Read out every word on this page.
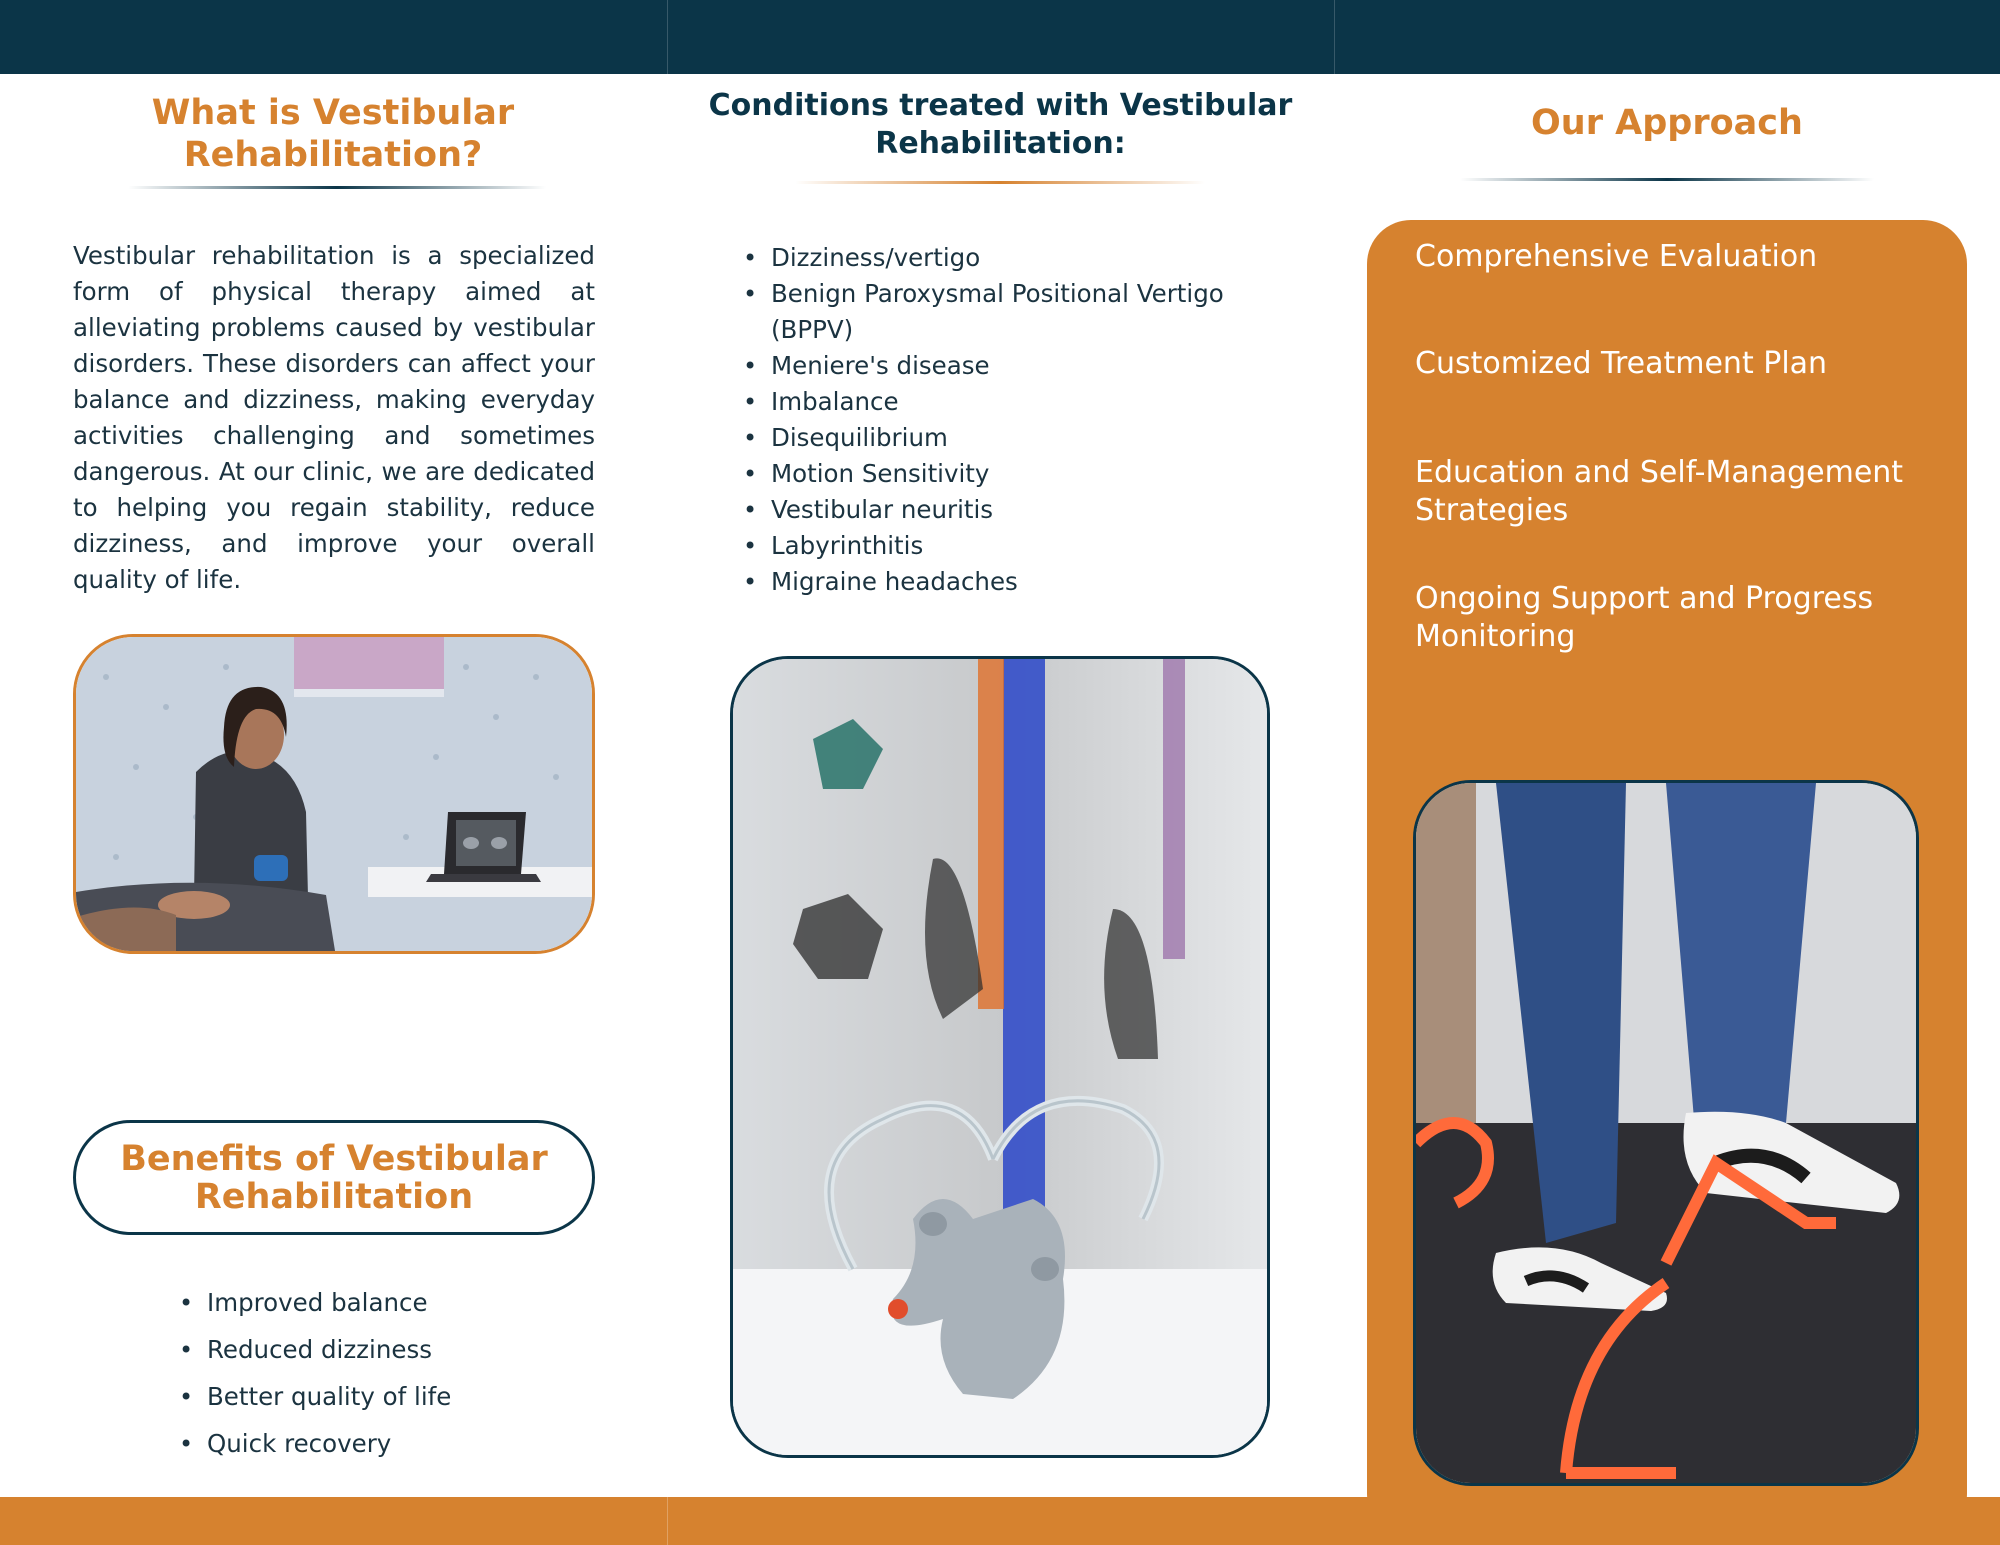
What is Vestibular
Rehabilitation?

Vestibular rehabilitation is a specialized form of physical therapy aimed at alleviating problems caused by vestibular disorders. These disorders can affect your balance and dizziness, making everyday activities challenging and sometimes dangerous. At our clinic, we are dedicated to helping you regain stability, reduce dizziness, and improve your overall quality of life.

Benefits of Vestibular
Rehabilitation
• Improved balance
• Reduced dizziness
• Better quality of life
• Quick recovery
Conditions treated with Vestibular
Rehabilitation:
• Dizziness/vertigo
• Benign Paroxysmal Positional Vertigo (BPPV)
• Meniere's disease
• Imbalance
• Disequilibrium
• Motion Sensitivity
• Vestibular neuritis
• Labyrinthitis
• Migraine headaches
Our Approach
Comprehensive Evaluation
Customized Treatment Plan
Education and Self-Management Strategies
Ongoing Support and Progress Monitoring
